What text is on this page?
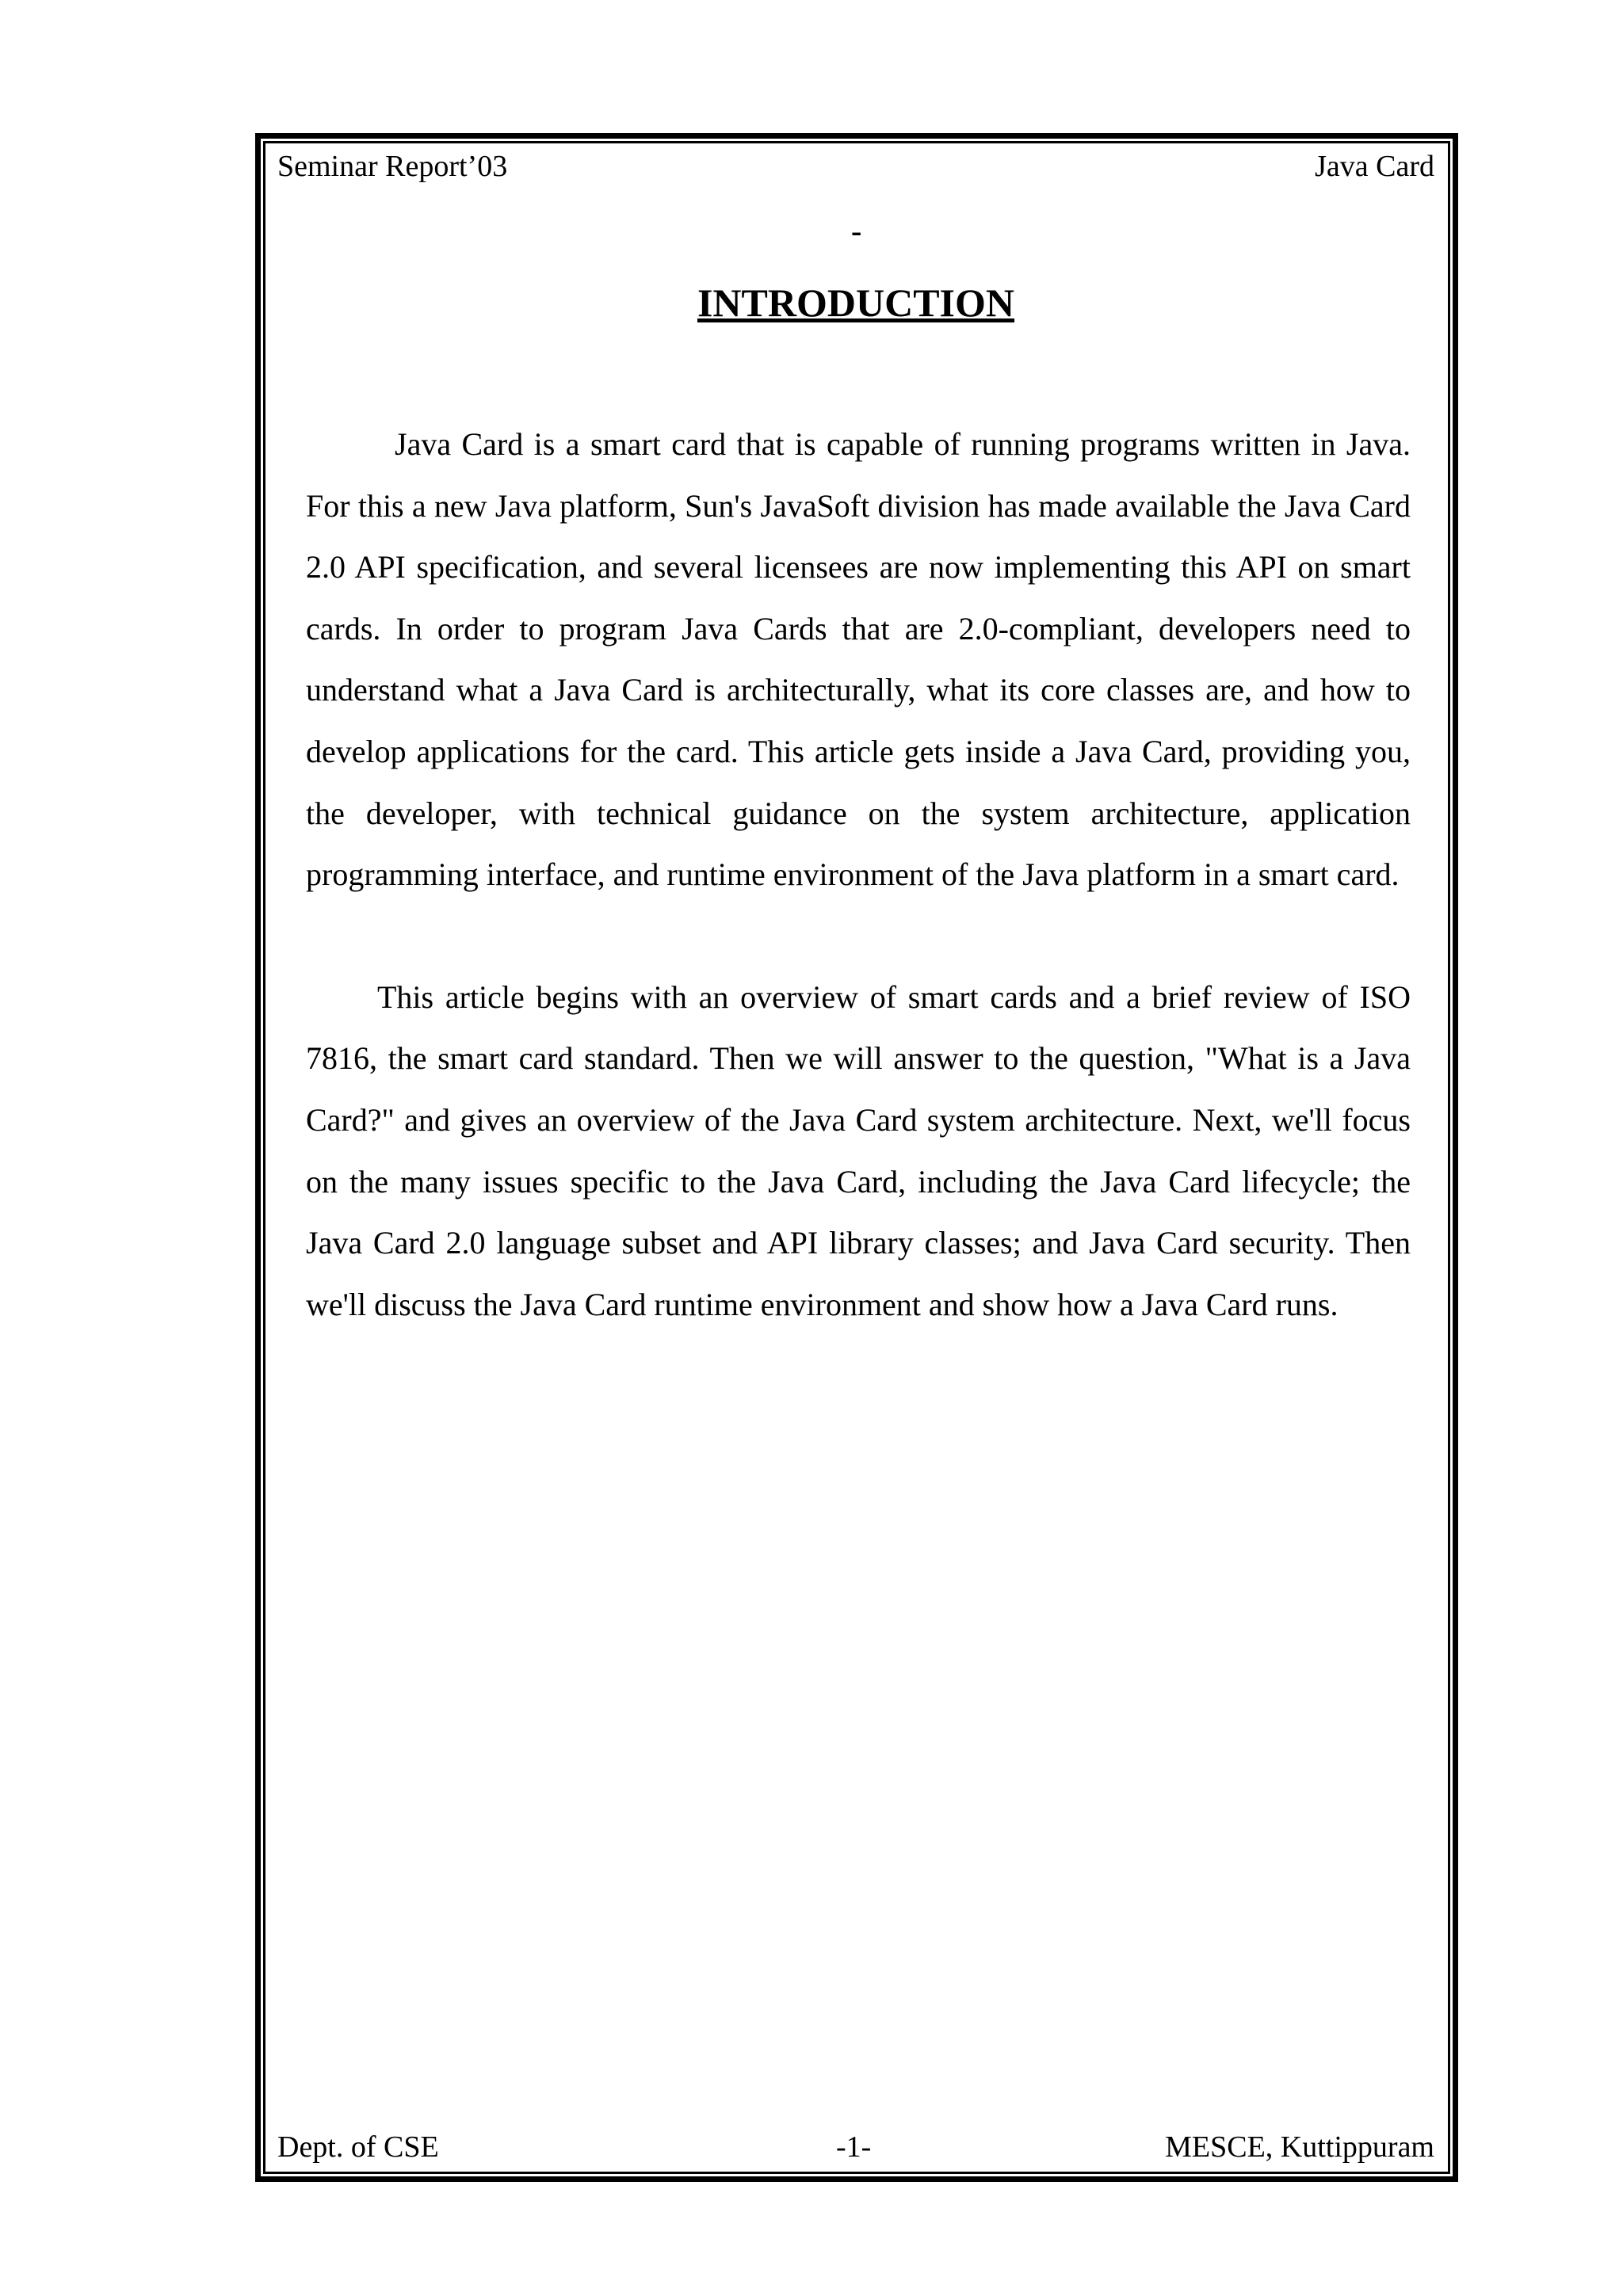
Seminar Report’03	Java Card
-
INTRODUCTION

Java Card is a smart card that is capable of running programs written in Java. For this a new Java platform, Sun's JavaSoft division has made available the Java Card 2.0 API specification, and several licensees are now implementing this API on smart cards. In order to program Java Cards that are 2.0-compliant, developers need to understand what a Java Card is architecturally, what its core classes are, and how to develop applications for the card. This article gets inside a Java Card, providing you, the developer, with technical guidance on the system architecture, application programming interface, and runtime environment of the Java platform in a smart card.

This article begins with an overview of smart cards and a brief review of ISO 7816, the smart card standard. Then we will answer to the question, "What is a Java Card?" and gives an overview of the Java Card system architecture. Next, we'll focus on the many issues specific to the Java Card, including the Java Card lifecycle; the Java Card 2.0 language subset and API library classes; and Java Card security. Then we'll discuss the Java Card runtime environment and show how a Java Card runs.

Dept. of CSE	-1-	MESCE, Kuttippuram
